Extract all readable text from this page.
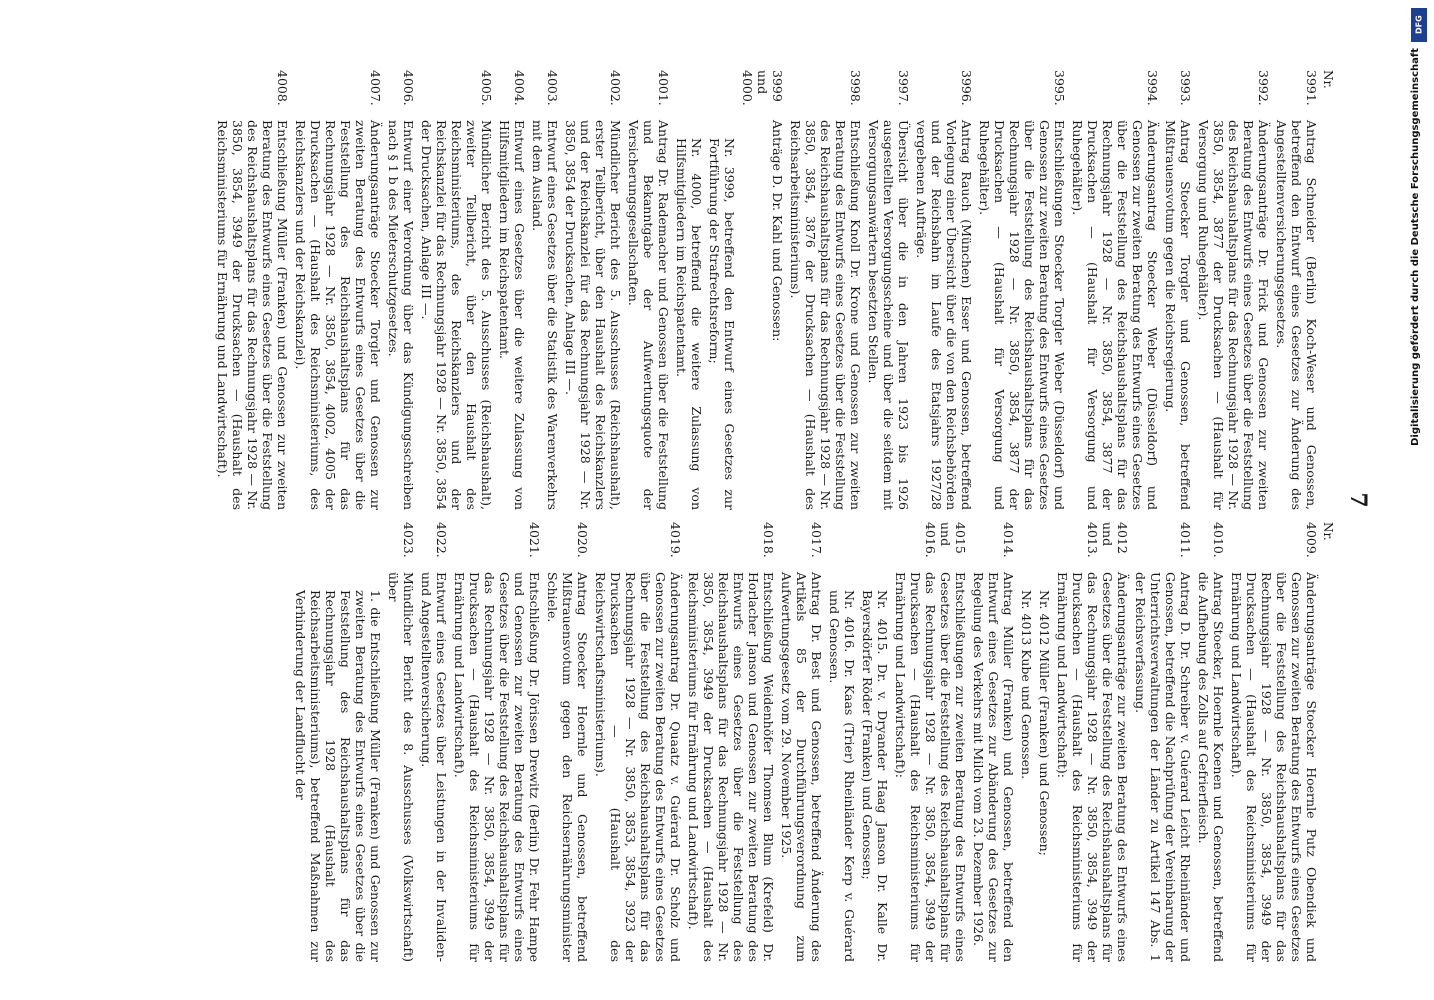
7
Nr.
3991.
Antrag Schneider (Berlin) Koch-Weser und Genossen, betreffend den Entwurf eines Gesetzes zur Änderung des Angestelltenversicherungsgesetzes.
3992.
Änderungsanträge Dr. Frick und Genossen zur zweiten Beratung des Entwurfs eines Gesetzes über die Feststellung des Reichshaushaltsplans für das Rechnungsjahr 1928 — Nr. 3850, 3854, 3877 der Drucksachen — (Haushalt für Versorgung und Ruhegehälter).
3993.
Antrag Stoecker Torgler und Genossen, betreffend Mißtrauensvotum gegen die Reichsregierung.
3994.
Änderungsantrag Stoecker Weber (Düsseldorf) und Genossen zur zweiten Beratung des Entwurfs eines Gesetzes über die Feststellung des Reichshaushaltsplans für das Rechnungsjahr 1928 — Nr. 3850, 3854, 3877 der Drucksachen — (Haushalt für Versorgung und Ruhegehälter).
3995.
Entschließungen Stoecker Torgler Weber (Düsseldorf) und Genossen zur zweiten Beratung des Entwurfs eines Gesetzes über die Feststellung des Reichshaushaltsplans für das Rechnungsjahr 1928 — Nr. 3850, 3854, 3877 der Drucksachen — (Haushalt für Versorgung und Ruhegehälter).
3996.
Antrag Rauch (München) Esser und Genossen, betreffend Vorlegung einer Übersicht über die von den Reichsbehörden und der Reichsbahn im Laufe des Etatsjahrs 1927/28 vergebenen Aufträge.
3997.
Übersicht über die in den Jahren 1923 bis 1926 ausgestellten Versorgungsscheine und über die seitdem mit Versorgungsanwärtern besetzten Stellen.
3998.
Entschließung Knoll Dr. Krone und Genossen zur zweiten Beratung des Entwurfs eines Gesetzes über die Feststellung des Reichshaushaltsplans für das Rechnungsjahr 1928 — Nr. 3850, 3854, 3876 der Drucksachen — (Haushalt des Reichsarbeitsministeriums).
3999 und 4000.
Anträge D. Dr. Kahl und Genossen:
Nr. 3999, betreffend den Entwurf eines Gesetzes zur Fortführung der Strafrechtsreform;
Nr. 4000, betreffend die weitere Zulassung von Hilfsmitgliedern im Reichspatentamt.
4001.
Antrag Dr. Rademacher und Genossen über die Feststellung und Bekanntgabe der Aufwertungsquote der Versicherungsgesellschaften.
4002.
Mündlicher Bericht des 5. Ausschusses (Reichshaushalt), erster Teilbericht, über den Haushalt des Reichskanzlers und der Reichskanzlei für das Rechnungsjahr 1928 — Nr. 3850, 3854 der Drucksachen, Anlage III —.
4003.
Entwurf eines Gesetzes über die Statistik des Warenverkehrs mit dem Ausland.
4004.
Entwurf eines Gesetzes über die weitere Zulassung von Hilfsmitgliedern im Reichspatentamt.
4005.
Mündlicher Bericht des 5. Ausschusses (Reichshaushalt), zweiter Teilbericht, über den Haushalt des Reichsministeriums, des Reichskanzlers und der Reichskanzlei für das Rechnungsjahr 1928 — Nr. 3850, 3854 der Drucksachen, Anlage III —.
4006.
Entwurf einer Verordnung über das Kündigungsschreiben nach § 1 b des Mieterschutzgesetzes.
4007.
Änderungsanträge Stoecker Torgler und Genossen zur zweiten Beratung des Entwurfs eines Gesetzes über die Feststellung des Reichshaushaltsplans für das Rechnungsjahr 1928 — Nr. 3850, 3854, 4002, 4005 der Drucksachen — (Haushalt des Reichsministeriums, des Reichskanzlers und der Reichskanzlei).
4008.
Entschließung Müller (Franken) und Genossen zur zweiten Beratung des Entwurfs eines Gesetzes über die Feststellung des Reichshaushaltsplans für das Rechnungsjahr 1928 — Nr. 3850, 3854, 3949 der Drucksachen — (Haushalt des Reichsministeriums für Ernährung und Landwirtschaft).
Nr.
4009.
Änderungsanträge Stoecker Hoernle Putz Obendiek und Genossen zur zweiten Beratung des Entwurfs eines Gesetzes über die Feststellung des Reichshaushaltsplans für das Rechnungsjahr 1928 — Nr. 3850, 3854, 3949 der Drucksachen — (Haushalt des Reichsministeriums für Ernährung und Landwirtschaft).
4010.
Antrag Stoecker, Hoernle Koenen und Genossen, betreffend die Aufhebung des Zolls auf Gefrierfleisch.
4011.
Antrag D. Dr. Schreiber v. Guérard Leicht Rheinländer und Genossen, betreffend die Nachprüfung der Vereinbarung der Unterrichtsverwaltungen der Länder zu Artikel 147 Abs. 1 der Reichsverfassung.
4012 und 4013.
Änderungsanträge zur zweiten Beratung des Entwurfs eines Gesetzes über die Feststellung des Reichshaushaltsplans für das Rechnungsjahr 1928 — Nr. 3850, 3854, 3949 der Drucksachen — (Haushalt des Reichsministeriums für Ernährung und Landwirtschaft):
Nr. 4012 Müller (Franken) und Genossen;
Nr. 4013 Kube und Genossen.
4014.
Antrag Müller (Franken) und Genossen, betreffend den Entwurf eines Gesetzes zur Abänderung des Gesetzes zur Regelung des Verkehrs mit Milch vom 23. Dezember 1926.
4015 und 4016.
Entschließungen zur zweiten Beratung des Entwurfs eines Gesetzes über die Feststellung des Reichshaushaltsplans für das Rechnungsjahr 1928 — Nr. 3850, 3854, 3949 der Drucksachen — (Haushalt des Reichsministeriums für Ernährung und Landwirtschaft):
Nr. 4015. Dr. v. Dryander Haag Janson Dr. Kalle Dr. Bayersdörfer Röder (Franken) und Genossen;
Nr. 4016. Dr. Kaas (Trier) Rheinländer Kerp v. Guérard und Genossen.
4017.
Antrag Dr. Best und Genossen, betreffend Änderung des Artikels 85 der Durchführungsverordnung zum Aufwertungsgesetz vom 29. November 1925.
4018.
Entschließung Weidenhöfer Thomsen Blum (Krefeld) Dr. Horlacher Janson und Genossen zur zweiten Beratung des Entwurfs eines Gesetzes über die Feststellung des Reichshaushaltsplans für das Rechnungsjahr 1928 — Nr. 3850, 3854, 3949 der Drucksachen — (Haushalt des Reichsministeriums für Ernährung und Landwirtschaft).
4019.
Änderungsantrag Dr. Quaatz v. Guérard Dr. Scholz und Genossen zur zweiten Beratung des Entwurfs eines Gesetzes über die Feststellung des Reichshaushaltsplans für das Rechnungsjahr 1928 — Nr. 3850, 3853, 3854, 3923 der Drucksachen — (Haushalt des Reichswirtschaftsministeriums).
4020.
Antrag Stoecker Hoernle und Genossen, betreffend Mißtrauensvotum gegen den Reichsernährungsminister Schiele.
4021.
Entschließung Dr. Jörissen Drewitz (Berlin) Dr. Fehr Hampe und Genossen zur zweiten Beratung des Entwurfs eines Gesetzes über die Feststellung des Reichshaushaltsplans für das Rechnungsjahr 1928 — Nr. 3850, 3854, 3949 der Drucksachen — (Haushalt des Reichsministeriums für Ernährung und Landwirtschaft).
4022.
Entwurf eines Gesetzes über Leistungen in der Invaliden- und Angestelltenversicherung.
4023.
Mündlicher Bericht des 8. Ausschusses (Volkswirtschaft) über
1. die Entschließung Müller (Franken) und Genossen zur zweiten Beratung des Entwurfs eines Gesetzes über die Feststellung des Reichshaushaltsplans für das Rechnungsjahr 1928 (Haushalt des Reichsarbeitsministeriums), betreffend Maßnahmen zur Verhinderung der Landflucht der
DFG
Digitalisierung gefördert durch die Deutsche Forschungsgemeinschaft
